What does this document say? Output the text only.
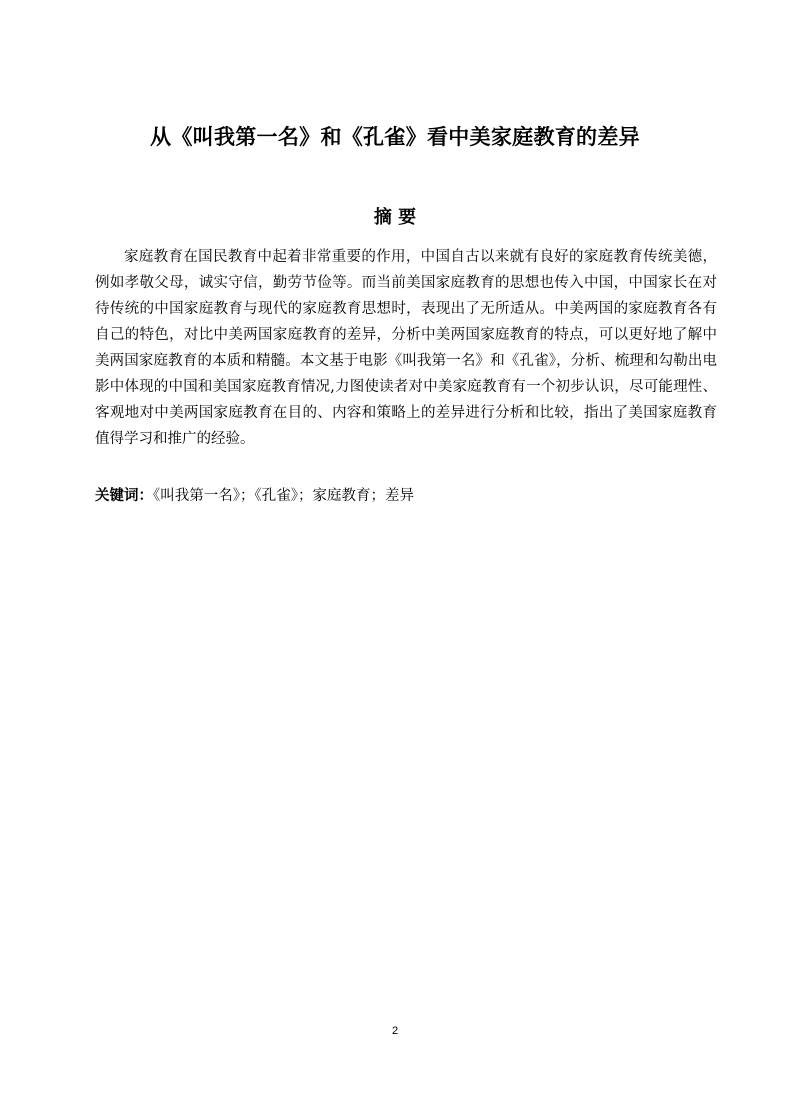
从《叫我第一名》和《孔雀》看中美家庭教育的差异
摘 要

家庭教育在国民教育中起着非常重要的作用，中国自古以来就有良好的家庭教育传统美德，例如孝敬父母，诚实守信，勤劳节俭等。而当前美国家庭教育的思想也传入中国，中国家长在对待传统的中国家庭教育与现代的家庭教育思想时，表现出了无所适从。中美两国的家庭教育各有自己的特色，对比中美两国家庭教育的差异，分析中美两国家庭教育的特点，可以更好地了解中美两国家庭教育的本质和精髓。本文基于电影《叫我第一名》和《孔雀》，分析、梳理和勾勒出电影中体现的中国和美国家庭教育情况,力图使读者对中美家庭教育有一个初步认识，尽可能理性、客观地对中美两国家庭教育在目的、内容和策略上的差异进行分析和比较，指出了美国家庭教育值得学习和推广的经验。

关键词：《叫我第一名》；《孔雀》；家庭教育；差异

2
